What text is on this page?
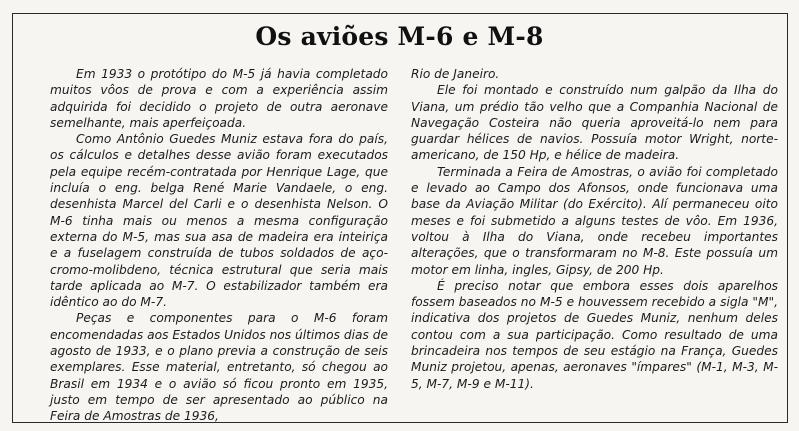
Os aviões M-6 e M-8

Em 1933 o protótipo do M-5 já havia completado muitos vôos de prova e com a experiência assim adquirida foi decidido o projeto de outra aeronave semelhante, mais aperfeiçoada.

Como Antônio Guedes Muniz estava fora do país, os cálculos e detalhes desse avião foram executados pela equipe recém-contratada por Henrique Lage, que incluía o eng. belga René Marie Vandaele, o eng. desenhista Marcel del Carli e o desenhista Nelson. O M-6 tinha mais ou menos a mesma configuração externa do M-5, mas sua asa de madeira era inteiriça e a fuselagem construída de tubos soldados de aço-cromo-molibdeno, técnica estrutural que seria mais tarde aplicada ao M-7. O estabilizador também era idêntico ao do M-7.

Peças e componentes para o M-6 foram encomendadas aos Estados Unidos nos últimos dias de agosto de 1933, e o plano previa a construção de seis exemplares. Esse material, entretanto, só chegou ao Brasil em 1934 e o avião só ficou pronto em 1935, justo em tempo de ser apresentado ao público na Feira de Amostras de 1936,

Rio de Janeiro.

Ele foi montado e construído num galpão da Ilha do Viana, um prédio tão velho que a Companhia Nacional de Navegação Costeira não queria aproveitá-lo nem para guardar hélices de navios. Possuía motor Wright, norte-americano, de 150 Hp, e hélice de madeira.

Terminada a Feira de Amostras, o avião foi completado e levado ao Campo dos Afonsos, onde funcionava uma base da Aviação Militar (do Exército). Alí permaneceu oito meses e foi submetido a alguns testes de vôo. Em 1936, voltou à Ilha do Viana, onde recebeu importantes alterações, que o transformaram no M-8. Este possuía um motor em linha, ingles, Gipsy, de 200 Hp.

É preciso notar que embora esses dois aparelhos fossem baseados no M-5 e houvessem recebido a sigla "M", indicativa dos projetos de Guedes Muniz, nenhum deles contou com a sua participação. Como resultado de uma brincadeira nos tempos de seu estágio na França, Guedes Muniz projetou, apenas, aeronaves "ímpares" (M-1, M-3, M-5, M-7, M-9 e M-11).
